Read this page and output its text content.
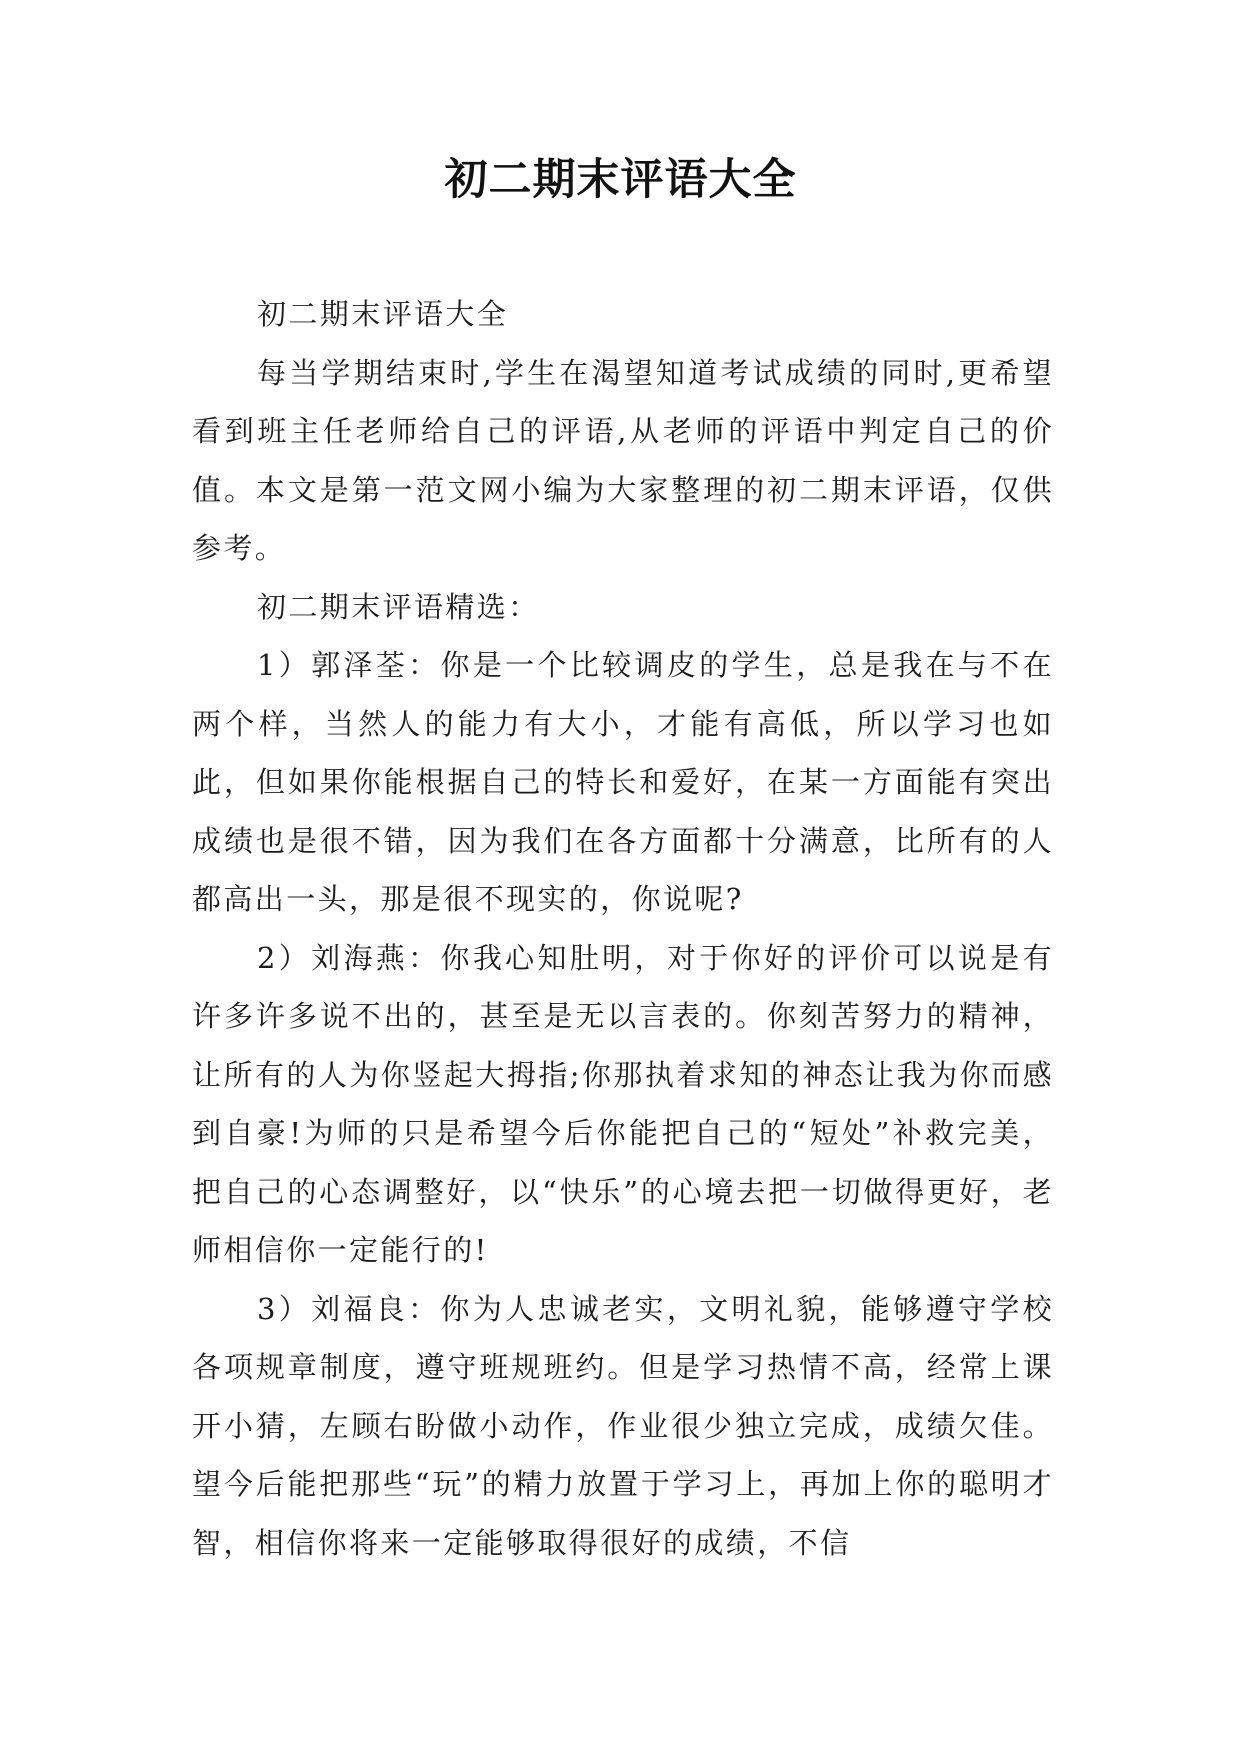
初二期末评语大全

初二期末评语大全

每当学期结束时,学生在渴望知道考试成绩的同时,更希望看到班主任老师给自己的评语,从老师的评语中判定自己的价值。本文是第一范文网小编为大家整理的初二期末评语，仅供参考。

初二期末评语精选：

1）郭泽荃：你是一个比较调皮的学生，总是我在与不在两个样，当然人的能力有大小，才能有高低，所以学习也如此，但如果你能根据自己的特长和爱好，在某一方面能有突出成绩也是很不错，因为我们在各方面都十分满意，比所有的人都高出一头，那是很不现实的，你说呢?

2）刘海燕：你我心知肚明，对于你好的评价可以说是有许多许多说不出的，甚至是无以言表的。你刻苦努力的精神，让所有的人为你竖起大拇指;你那执着求知的神态让我为你而感到自豪!为师的只是希望今后你能把自己的“短处”补救完美，把自己的心态调整好，以“快乐”的心境去把一切做得更好，老师相信你一定能行的!

3）刘福良：你为人忠诚老实，文明礼貌，能够遵守学校各项规章制度，遵守班规班约。但是学习热情不高，经常上课开小猜，左顾右盼做小动作，作业很少独立完成，成绩欠佳。望今后能把那些“玩”的精力放置于学习上，再加上你的聪明才智，相信你将来一定能够取得很好的成绩，不信
